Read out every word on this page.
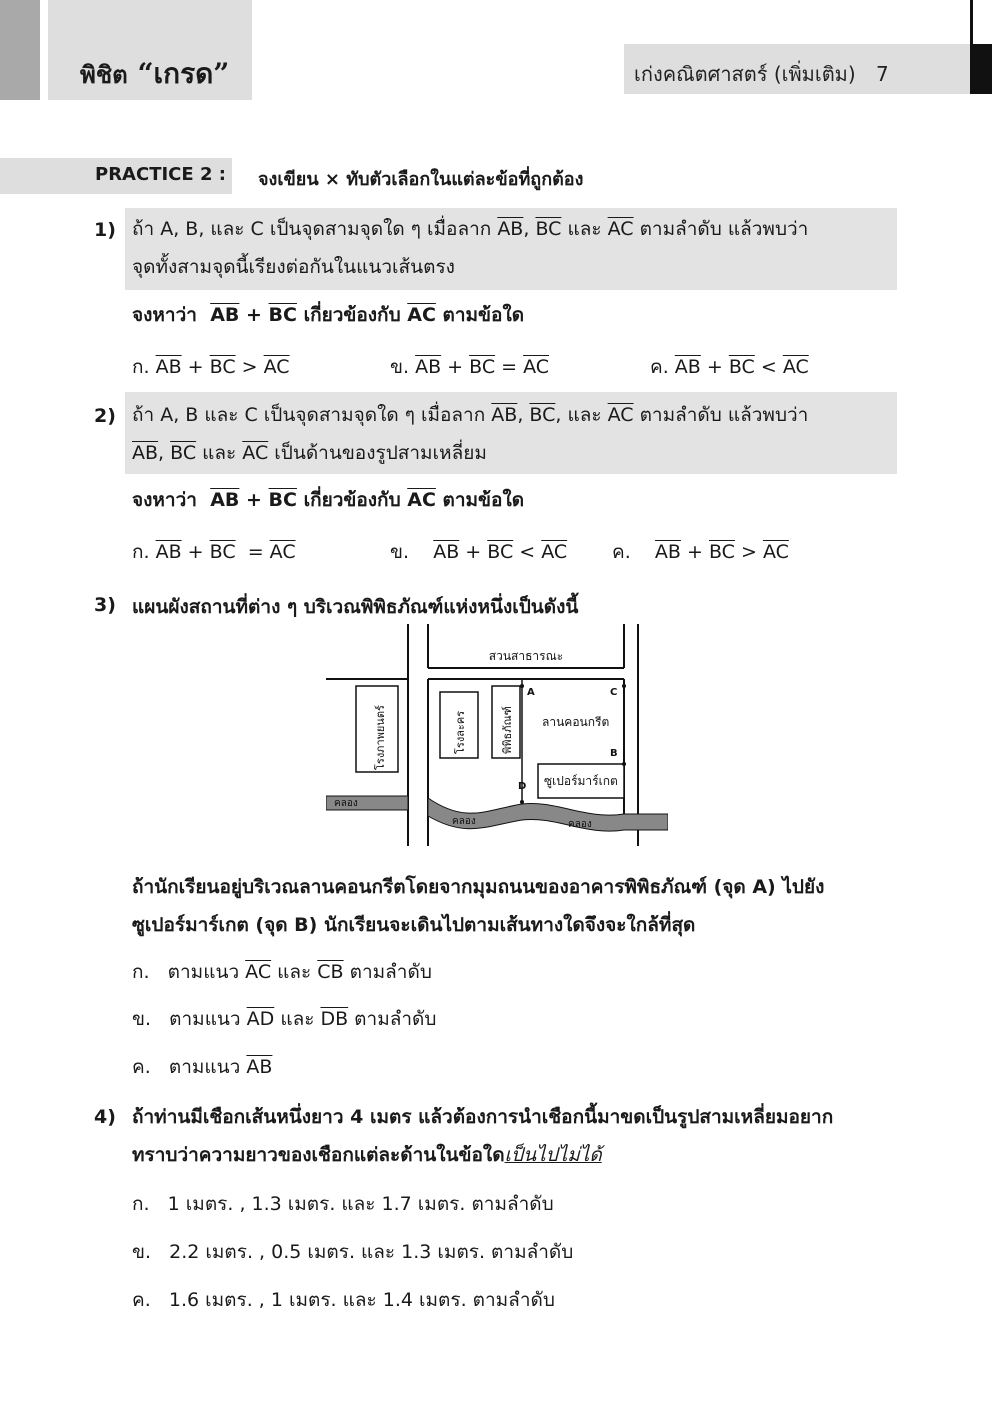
พิชิต “เกรด”	เก่งคณิตศาสตร์ (เพิ่มเติม) 7
PRACTICE 2 : จงเขียน × ทับตัวเลือกในแต่ละข้อที่ถูกต้อง
1) ถ้า A, B, และ C เป็นจุดสามจุดใด ๆ เมื่อลาก $\overline{AB}$, $\overline{BC}$ และ $\overline{AC}$ ตามลำดับ แล้วพบว่า
จุดทั้งสามจุดนี้เรียงต่อกันในแนวเส้นตรง
จงหาว่า $\overline{AB} + \overline{BC}$ เกี่ยวข้องกับ $\overline{AC}$ ตามข้อใด
ก. $\overline{AB} + \overline{BC} > \overline{AC}$	ข. $\overline{AB} + \overline{BC} = \overline{AC}$	ค. $\overline{AB} + \overline{BC} < \overline{AC}$
2) ถ้า A, B และ C เป็นจุดสามจุดใด ๆ เมื่อลาก $\overline{AB}$, $\overline{BC}$, และ $\overline{AC}$ ตามลำดับ แล้วพบว่า
$\overline{AB}$, $\overline{BC}$ และ $\overline{AC}$ เป็นด้านของรูปสามเหลี่ยม
จงหาว่า $\overline{AB} + \overline{BC}$ เกี่ยวข้องกับ $\overline{AC}$ ตามข้อใด
ก. $\overline{AB} + \overline{BC} = \overline{AC}$	ข. $\overline{AB} + \overline{BC} < \overline{AC}$ ค. $\overline{AB} + \overline{BC} > \overline{AC}$
3) แผนผังสถานที่ต่าง ๆ บริเวณพิพิธภัณฑ์แห่งหนึ่งเป็นดังนี้
คลอง
คลอง	คลอง
สวนสาธารณะ
โรงภาพยนตร์	โรงละคร	พิพิธภัณฑ์ ลานคอนกรีต
ซูเปอร์มาร์เกต
A	C
B
D
ถ้านักเรียนอยู่บริเวณลานคอนกรีตโดยจากมุมถนนของอาคารพิพิธภัณฑ์ (จุด A) ไปยัง
ซูเปอร์มาร์เกต (จุด B) นักเรียนจะเดินไปตามเส้นทางใดจึงจะใกล้ที่สุด
ก. ตามแนว $\overline{AC}$ และ $\overline{CB}$ ตามลำดับ
ข. ตามแนว $\overline{AD}$ และ $\overline{DB}$ ตามลำดับ
ค. ตามแนว $\overline{AB}$
4) ถ้าท่านมีเชือกเส้นหนึ่งยาว 4 เมตร แล้วต้องการนำเชือกนี้มาขดเป็นรูปสามเหลี่ยมอยาก
ทราบว่าความยาวของเชือกแต่ละด้านในข้อใดเป็นไปไม่ได้
ก. 1 เมตร. , 1.3 เมตร. และ 1.7 เมตร. ตามลำดับ
ข. 2.2 เมตร. , 0.5 เมตร. และ 1.3 เมตร. ตามลำดับ
ค. 1.6 เมตร. , 1 เมตร. และ 1.4 เมตร. ตามลำดับ
